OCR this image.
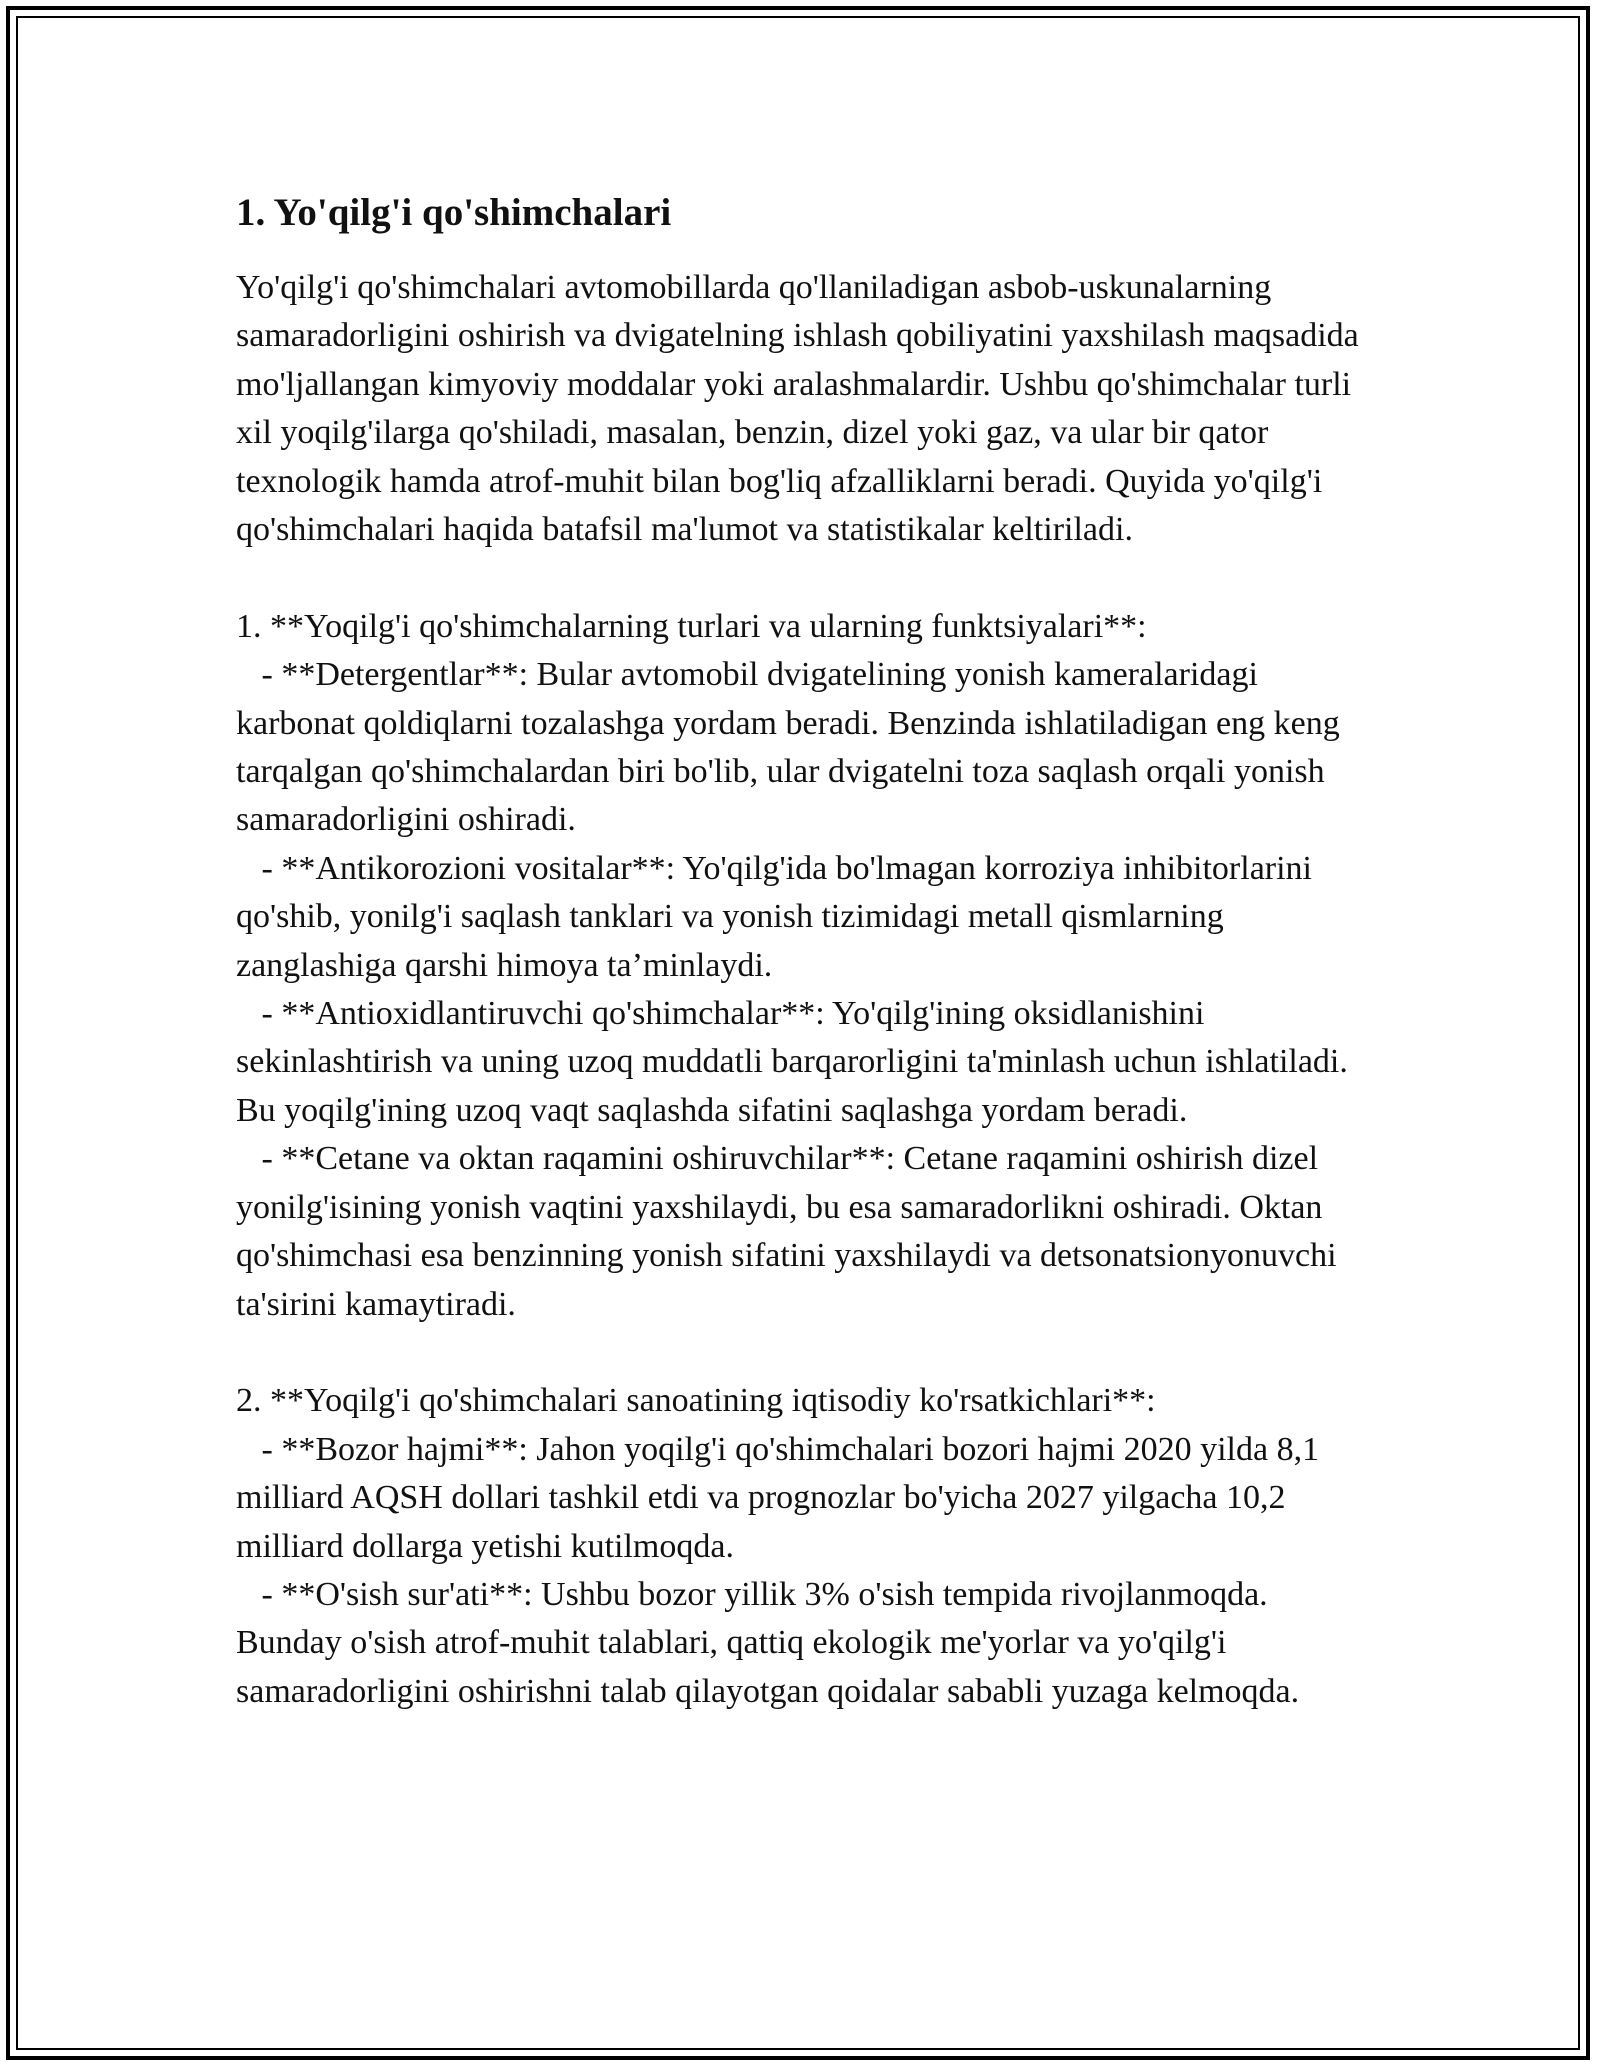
1. Yo'qilg'i qo'shimchalari

Yo'qilg'i qo'shimchalari avtomobillarda qo'llaniladigan asbob-uskunalarning samaradorligini oshirish va dvigatelning ishlash qobiliyatini yaxshilash maqsadida mo'ljallangan kimyoviy moddalar yoki aralashmalardir. Ushbu qo'shimchalar turli xil yoqilg'ilarga qo'shiladi, masalan, benzin, dizel yoki gaz, va ular bir qator texnologik hamda atrof-muhit bilan bog'liq afzalliklarni beradi. Quyida yo'qilg'i qo'shimchalari haqida batafsil ma'lumot va statistikalar keltiriladi.

1. **Yoqilg'i qo'shimchalarning turlari va ularning funktsiyalari**:

- **Detergentlar**: Bular avtomobil dvigatelining yonish kameralaridagi karbonat qoldiqlarni tozalashga yordam beradi. Benzinda ishlatiladigan eng keng tarqalgan qo'shimchalardan biri bo'lib, ular dvigatelni toza saqlash orqali yonish samaradorligini oshiradi.

- **Antikorozioni vositalar**: Yo'qilg'ida bo'lmagan korroziya inhibitorlarini qo'shib, yonilg'i saqlash tanklari va yonish tizimidagi metall qismlarning zanglashiga qarshi himoya ta’minlaydi.

- **Antioxidlantiruvchi qo'shimchalar**: Yo'qilg'ining oksidlanishini sekinlashtirish va uning uzoq muddatli barqarorligini ta'minlash uchun ishlatiladi. Bu yoqilg'ining uzoq vaqt saqlashda sifatini saqlashga yordam beradi.

- **Cetane va oktan raqamini oshiruvchilar**: Cetane raqamini oshirish dizel yonilg'isining yonish vaqtini yaxshilaydi, bu esa samaradorlikni oshiradi. Oktan qo'shimchasi esa benzinning yonish sifatini yaxshilaydi va detsonatsionyonuvchi ta'sirini kamaytiradi.

2. **Yoqilg'i qo'shimchalari sanoatining iqtisodiy ko'rsatkichlari**:

- **Bozor hajmi**: Jahon yoqilg'i qo'shimchalari bozori hajmi 2020 yilda 8,1 milliard AQSH dollari tashkil etdi va prognozlar bo'yicha 2027 yilgacha 10,2 milliard dollarga yetishi kutilmoqda.

- **O'sish sur'ati**: Ushbu bozor yillik 3% o'sish tempida rivojlanmoqda. Bunday o'sish atrof-muhit talablari, qattiq ekologik me'yorlar va yo'qilg'i samaradorligini oshirishni talab qilayotgan qoidalar sababli yuzaga kelmoqda.
